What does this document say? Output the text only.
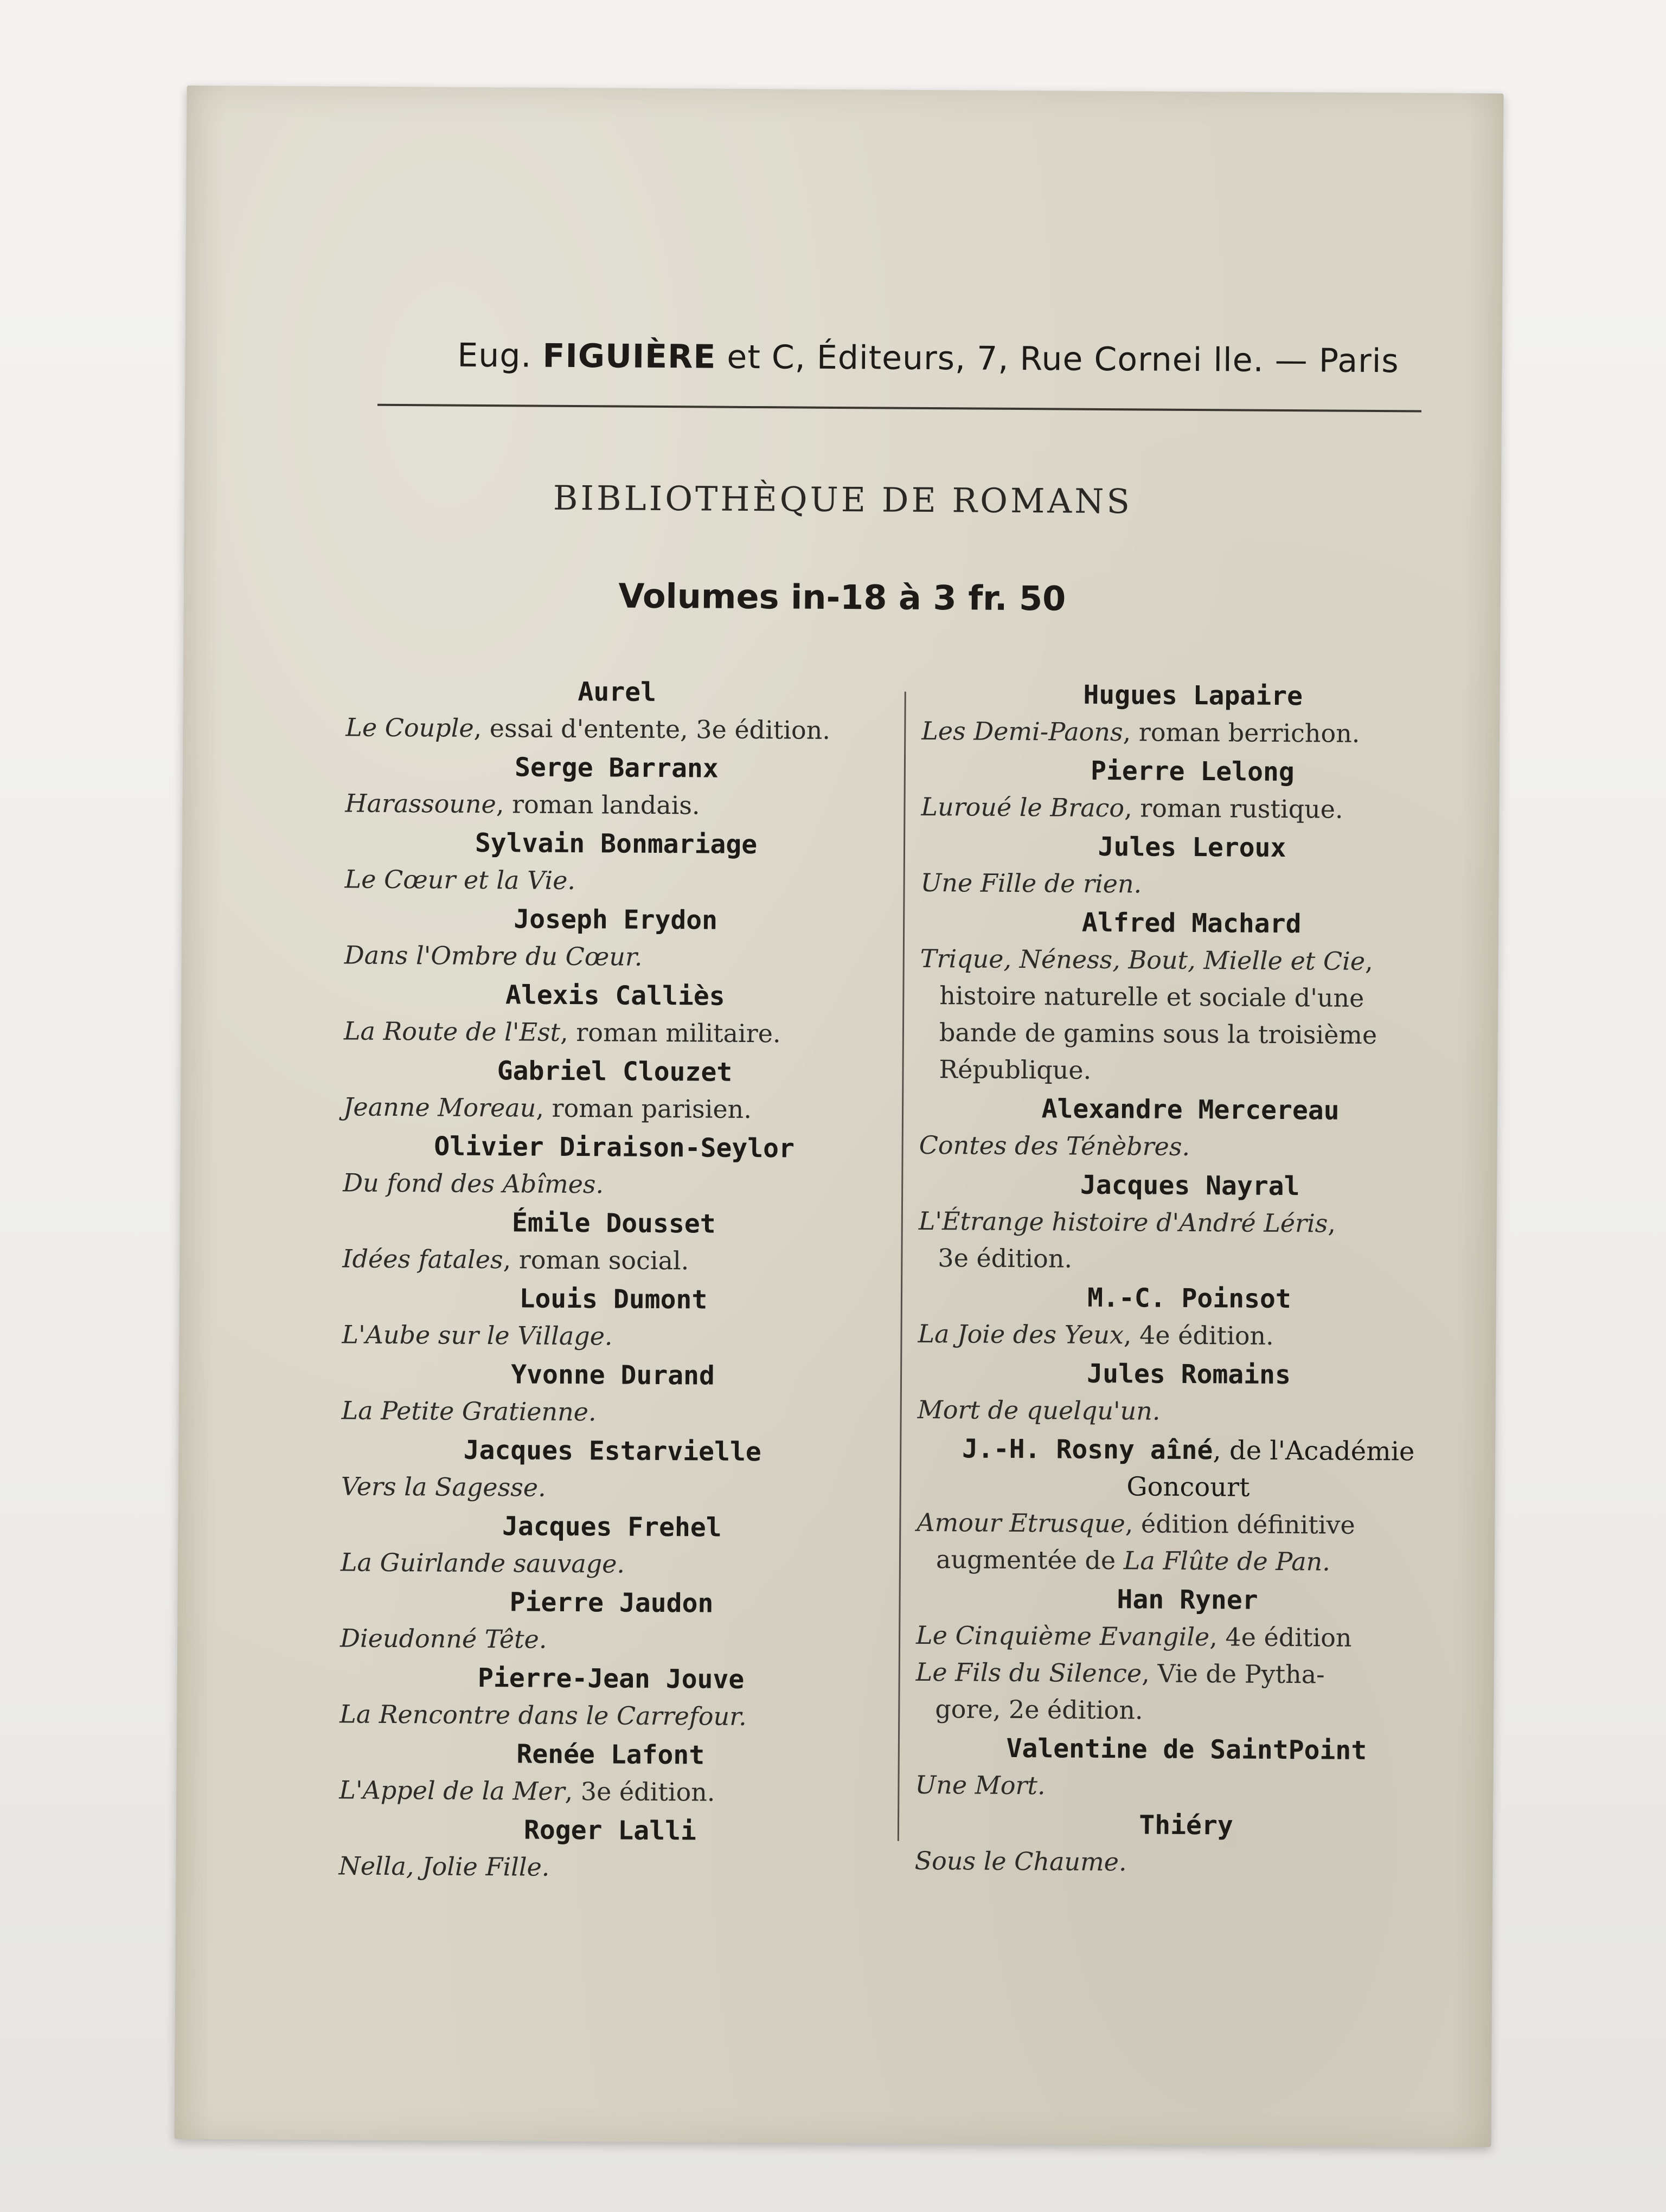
Eug. FIGUIÈRE et C, Éditeurs, 7, Rue Cornei lle. — Paris
BIBLIOTHÈQUE DE ROMANS
Volumes in-18 à 3 fr. 50
Aurel
Le Couple, essai d'entente, 3e édition.
Serge Barranx
Harassoune, roman landais.
Sylvain Bonmariage
Le Cœur et la Vie.
Joseph Erydon
Dans l'Ombre du Cœur.
Alexis Calliès
La Route de l'Est, roman militaire.
Gabriel Clouzet
Jeanne Moreau, roman parisien.
Olivier Diraison-Seylor
Du fond des Abîmes.
Émile Dousset
Idées fatales, roman social.
Louis Dumont
L'Aube sur le Village.
Yvonne Durand
La Petite Gratienne.
Jacques Estarvielle
Vers la Sagesse.
Jacques Frehel
La Guirlande sauvage.
Pierre Jaudon
Dieudonné Tête.
Pierre-Jean Jouve
La Rencontre dans le Carrefour.
Renée Lafont
L'Appel de la Mer, 3e édition.
Roger Lalli
Nella, Jolie Fille.
Hugues Lapaire
Les Demi-Paons, roman berrichon.
Pierre Lelong
Luroué le Braco, roman rustique.
Jules Leroux
Une Fille de rien.
Alfred Machard
Trique, Néness, Bout, Mielle et Cie,
histoire naturelle et sociale d'une
bande de gamins sous la troisième
République.
Alexandre Mercereau
Contes des Ténèbres.
Jacques Nayral
L'Étrange histoire d'André Léris,
3e édition.
M.-C. Poinsot
La Joie des Yeux, 4e édition.
Jules Romains
Mort de quelqu'un.
J.-H. Rosny aîné, de l'Académie
Goncourt
Amour Etrusque, édition définitive
augmentée de La Flûte de Pan.
Han Ryner
Le Cinquième Evangile, 4e édition
Le Fils du Silence, Vie de Pytha-
gore, 2e édition.
Valentine de SaintPoint
Une Mort.
Thiéry
Sous le Chaume.
